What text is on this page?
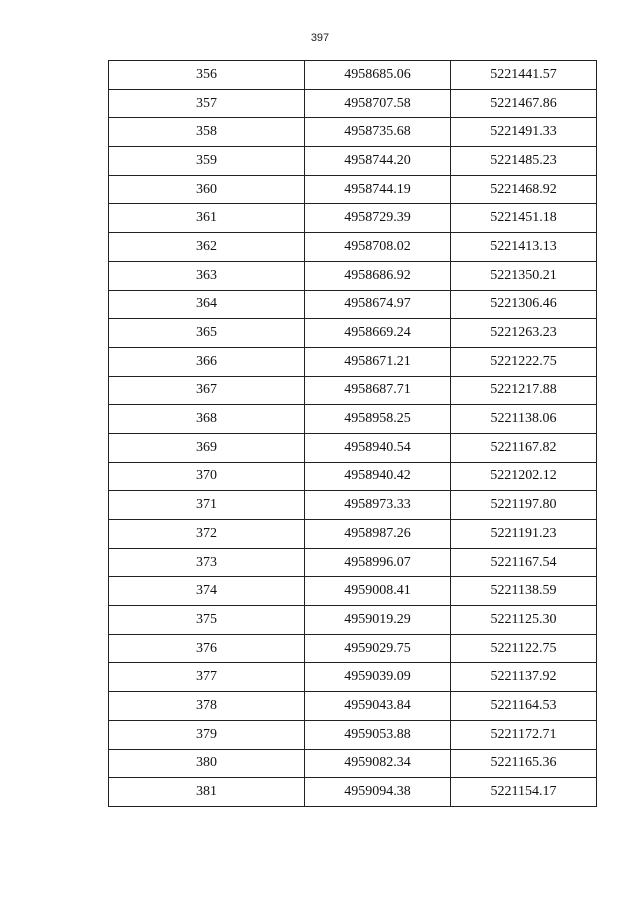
397
356	4958685.06	5221441.57
357	4958707.58	5221467.86
358	4958735.68	5221491.33
359	4958744.20	5221485.23
360	4958744.19	5221468.92
361	4958729.39	5221451.18
362	4958708.02	5221413.13
363	4958686.92	5221350.21
364	4958674.97	5221306.46
365	4958669.24	5221263.23
366	4958671.21	5221222.75
367	4958687.71	5221217.88
368	4958958.25	5221138.06
369	4958940.54	5221167.82
370	4958940.42	5221202.12
371	4958973.33	5221197.80
372	4958987.26	5221191.23
373	4958996.07	5221167.54
374	4959008.41	5221138.59
375	4959019.29	5221125.30
376	4959029.75	5221122.75
377	4959039.09	5221137.92
378	4959043.84	5221164.53
379	4959053.88	5221172.71
380	4959082.34	5221165.36
381	4959094.38	5221154.17
